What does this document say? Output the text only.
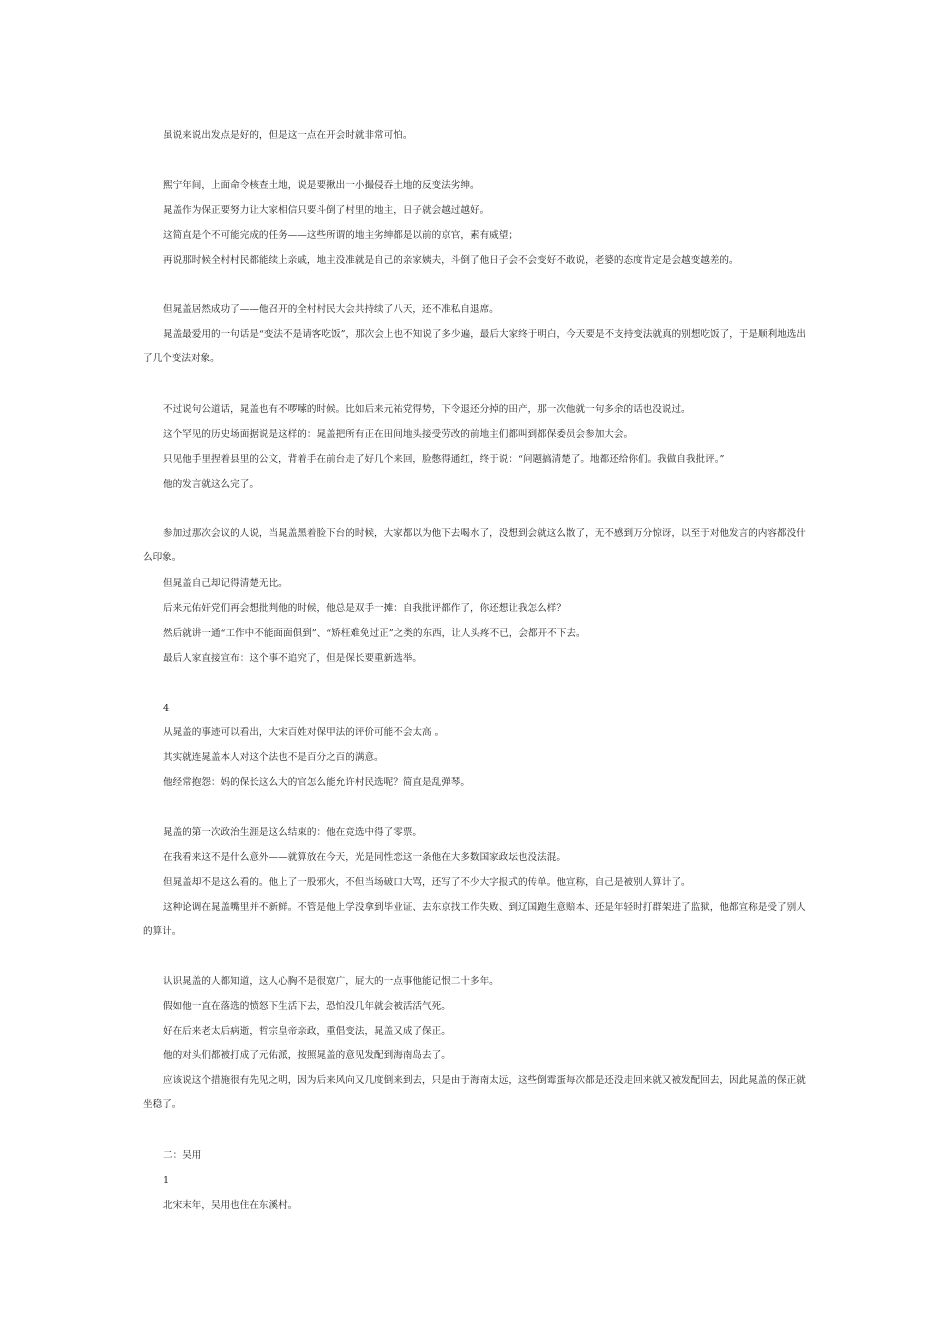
虽说来说出发点是好的，但是这一点在开会时就非常可怕。

熙宁年间，上面命令核查土地，说是要揪出一小撮侵吞土地的反变法劣绅。

晁盖作为保正要努力让大家相信只要斗倒了村里的地主，日子就会越过越好。

这简直是个不可能完成的任务——这些所谓的地主劣绅都是以前的京官，素有威望；

再说那时候全村村民都能续上亲戚，地主没准就是自己的亲家姨夫，斗倒了他日子会不会变好不敢说，老婆的态度肯定是会越变越差的。

但晁盖居然成功了——他召开的全村村民大会共持续了八天，还不准私自退席。

晁盖最爱用的一句话是“变法不是请客吃饭”，那次会上也不知说了多少遍，最后大家终于明白，今天要是不支持变法就真的别想吃饭了，于是顺利地选出了几个变法对象。

不过说句公道话，晁盖也有不啰嗦的时候。比如后来元祐党得势，下令退还分掉的田产，那一次他就一句多余的话也没说过。

这个罕见的历史场面据说是这样的：晁盖把所有正在田间地头接受劳改的前地主们都叫到都保委员会参加大会。

只见他手里捏着县里的公文，背着手在前台走了好几个来回，脸憋得通红，终于说：“问题搞清楚了。地都还给你们。我做自我批评。”

他的发言就这么完了。

参加过那次会议的人说，当晁盖黑着脸下台的时候，大家都以为他下去喝水了，没想到会就这么散了，无不感到万分惊讶，以至于对他发言的内容都没什么印象。

但晁盖自己却记得清楚无比。

后来元佑奸党们再会想批判他的时候，他总是双手一摊：自我批评都作了，你还想让我怎么样？

然后就讲一通“工作中不能面面俱到”、“矫枉难免过正”之类的东西，让人头疼不已，会都开不下去。

最后人家直接宣布：这个事不追究了，但是保长要重新选举。

4

从晁盖的事迹可以看出，大宋百姓对保甲法的评价可能不会太高 。

其实就连晁盖本人对这个法也不是百分之百的满意。

他经常抱怨：妈的保长这么大的官怎么能允许村民选呢？简直是乱弹琴。

晁盖的第一次政治生涯是这么结束的：他在竞选中得了零票。

在我看来这不是什么意外——就算放在今天，光是同性恋这一条他在大多数国家政坛也没法混。

但晁盖却不是这么看的。他上了一股邪火，不但当场破口大骂，还写了不少大字报式的传单。他宣称，自己是被别人算计了。

这种论调在晁盖嘴里并不新鲜。不管是他上学没拿到毕业证、去东京找工作失败、到辽国跑生意赔本、还是年轻时打群架进了监狱，他都宣称是受了别人的算计。

认识晁盖的人都知道，这人心胸不是很宽广，屁大的一点事他能记恨二十多年。

假如他一直在落选的愤怒下生活下去，恐怕没几年就会被活活气死。

好在后来老太后病逝，哲宗皇帝亲政，重倡变法，晁盖又成了保正。

他的对头们都被打成了元佑派，按照晁盖的意见发配到海南岛去了。

应该说这个措施很有先见之明，因为后来风向又几度倒来到去，只是由于海南太远，这些倒霉蛋每次都是还没走回来就又被发配回去，因此晁盖的保正就坐稳了。

二：吴用

1

北宋末年，吴用也住在东溪村。
